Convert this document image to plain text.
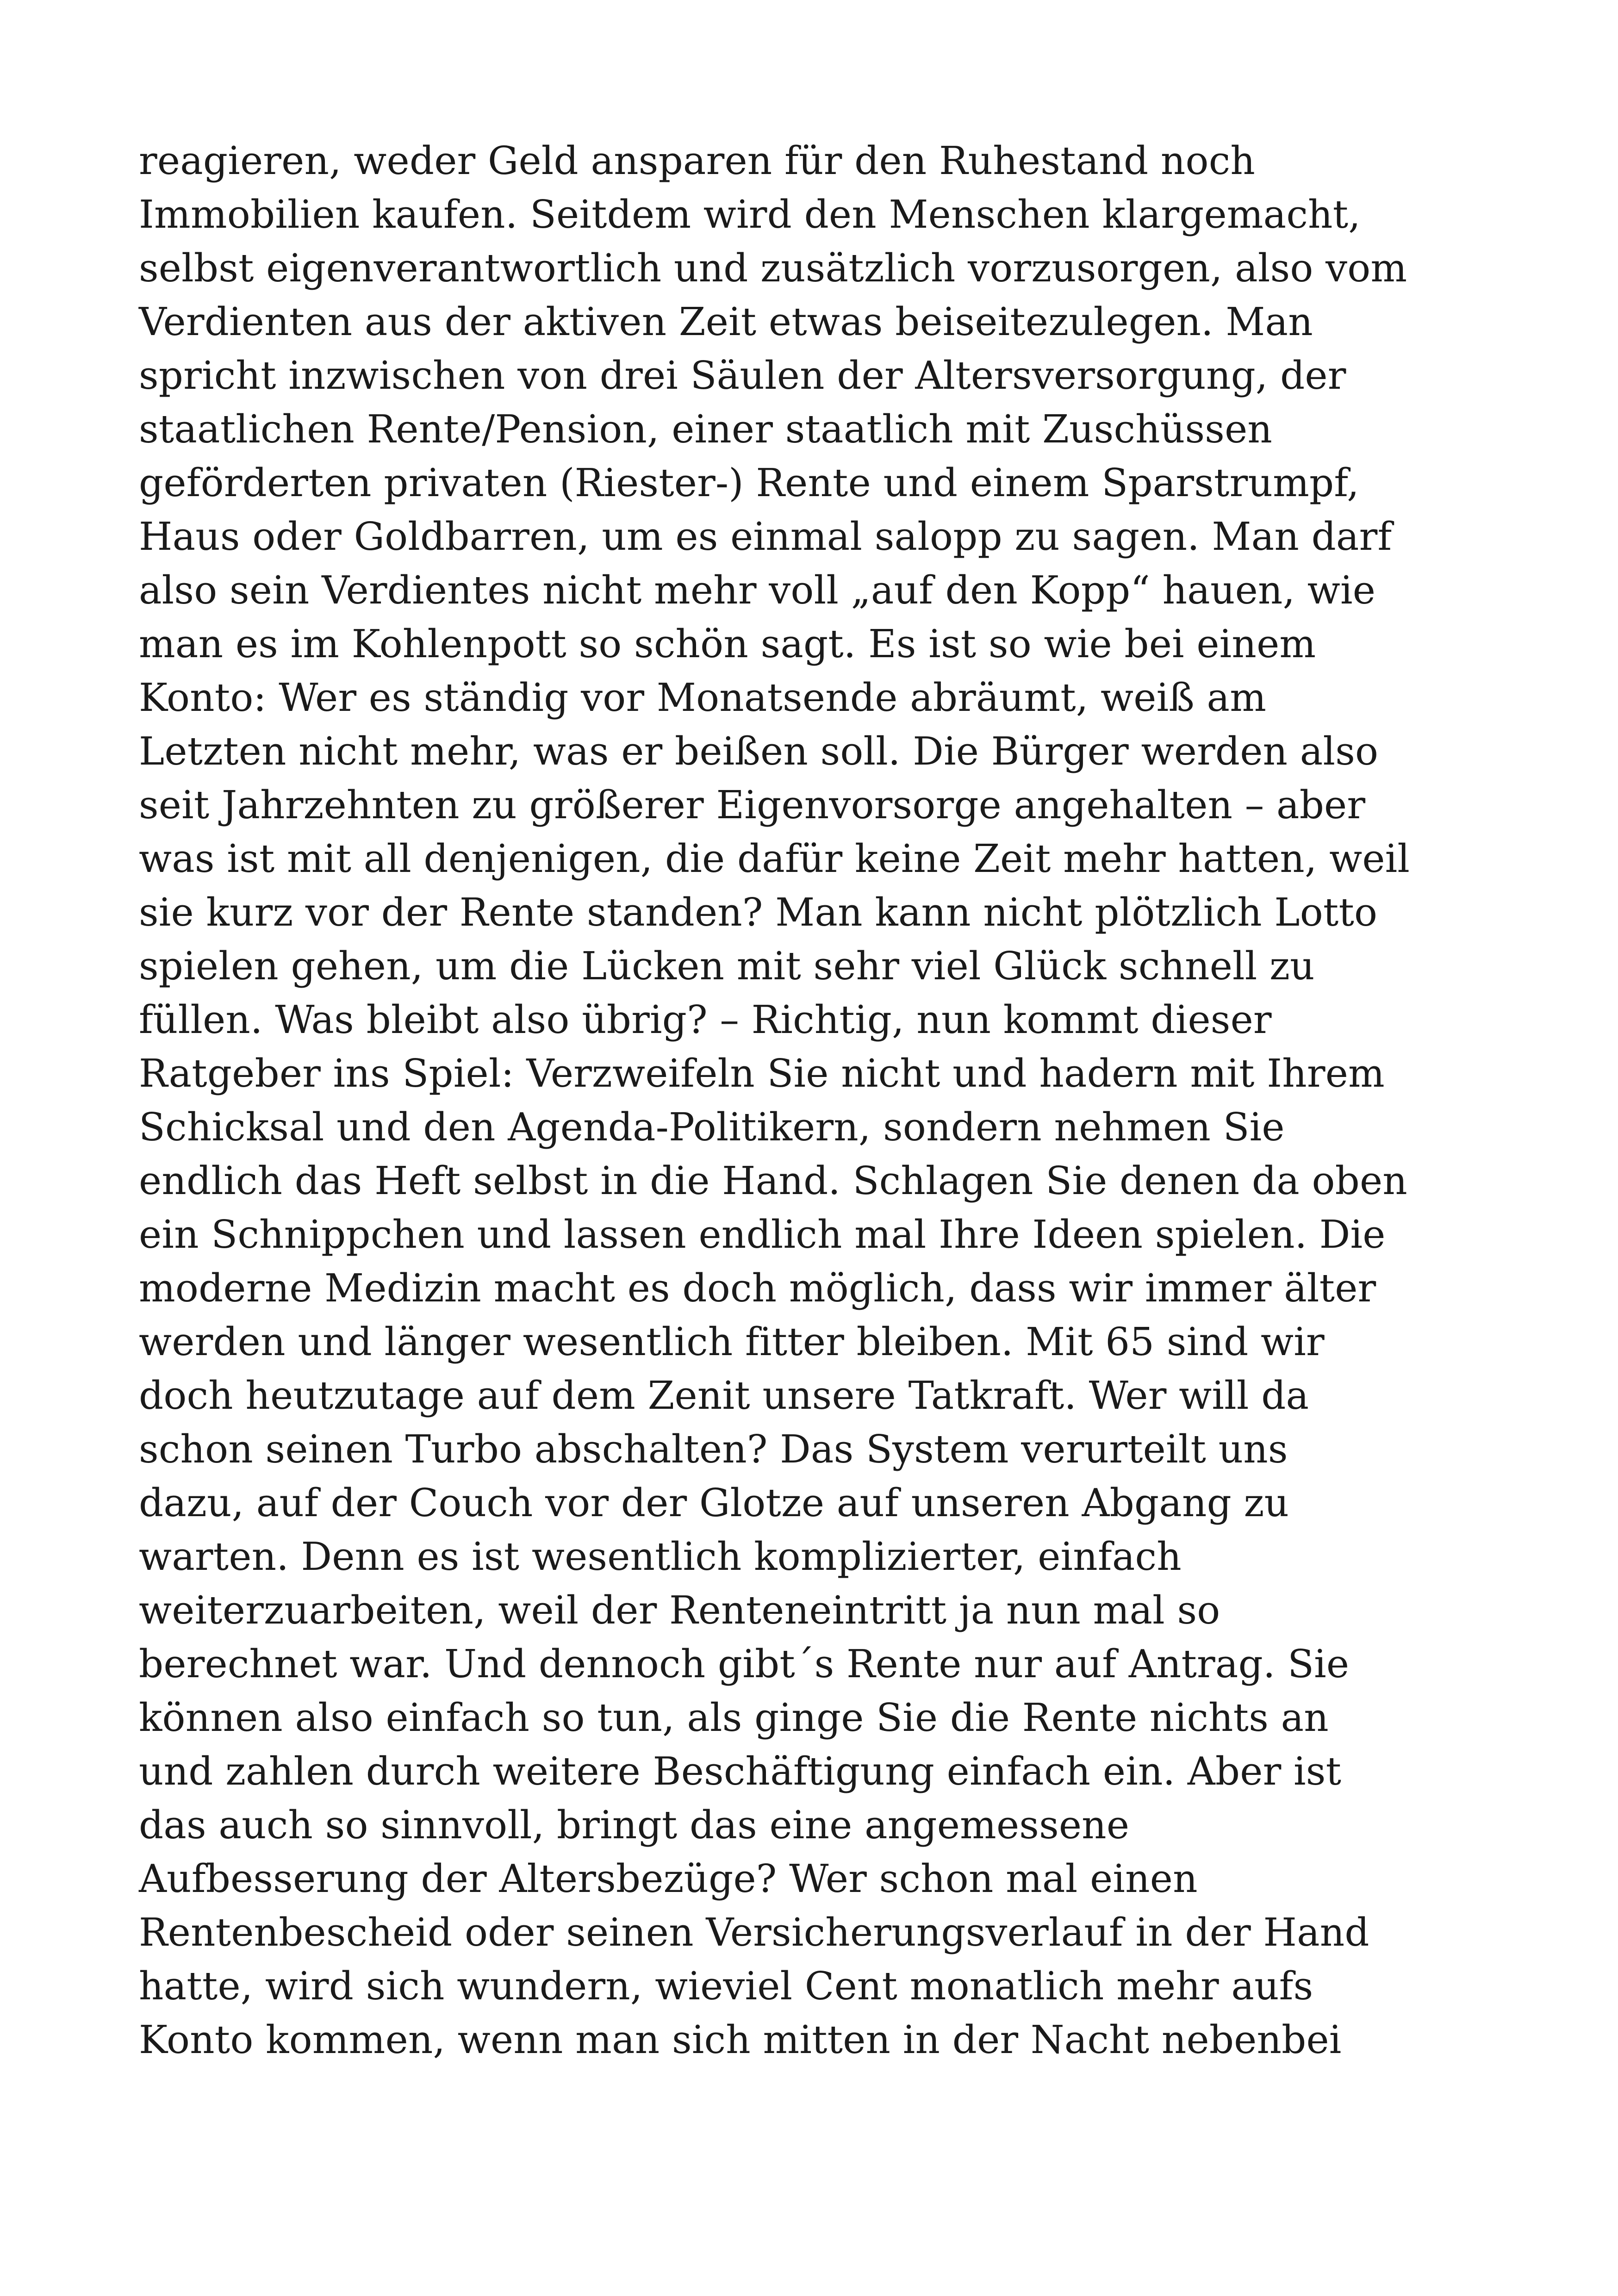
reagieren, weder Geld ansparen für den Ruhestand noch
Immobilien kaufen. Seitdem wird den Menschen klargemacht,
selbst eigenverantwortlich und zusätzlich vorzusorgen, also vom
Verdienten aus der aktiven Zeit etwas beiseitezulegen. Man
spricht inzwischen von drei Säulen der Altersversorgung, der
staatlichen Rente/Pension, einer staatlich mit Zuschüssen
geförderten privaten (Riester-) Rente und einem Sparstrumpf,
Haus oder Goldbarren, um es einmal salopp zu sagen. Man darf
also sein Verdientes nicht mehr voll „auf den Kopp“ hauen, wie
man es im Kohlenpott so schön sagt. Es ist so wie bei einem
Konto: Wer es ständig vor Monatsende abräumt, weiß am
Letzten nicht mehr, was er beißen soll. Die Bürger werden also
seit Jahrzehnten zu größerer Eigenvorsorge angehalten – aber
was ist mit all denjenigen, die dafür keine Zeit mehr hatten, weil
sie kurz vor der Rente standen? Man kann nicht plötzlich Lotto
spielen gehen, um die Lücken mit sehr viel Glück schnell zu
füllen. Was bleibt also übrig? – Richtig, nun kommt dieser
Ratgeber ins Spiel: Verzweifeln Sie nicht und hadern mit Ihrem
Schicksal und den Agenda-Politikern, sondern nehmen Sie
endlich das Heft selbst in die Hand. Schlagen Sie denen da oben
ein Schnippchen und lassen endlich mal Ihre Ideen spielen. Die
moderne Medizin macht es doch möglich, dass wir immer älter
werden und länger wesentlich fitter bleiben. Mit 65 sind wir
doch heutzutage auf dem Zenit unsere Tatkraft. Wer will da
schon seinen Turbo abschalten? Das System verurteilt uns
dazu, auf der Couch vor der Glotze auf unseren Abgang zu
warten. Denn es ist wesentlich komplizierter, einfach
weiterzuarbeiten, weil der Renteneintritt ja nun mal so
berechnet war. Und dennoch gibt´s Rente nur auf Antrag. Sie
können also einfach so tun, als ginge Sie die Rente nichts an
und zahlen durch weitere Beschäftigung einfach ein. Aber ist
das auch so sinnvoll, bringt das eine angemessene
Aufbesserung der Altersbezüge? Wer schon mal einen
Rentenbescheid oder seinen Versicherungsverlauf in der Hand
hatte, wird sich wundern, wieviel Cent monatlich mehr aufs
Konto kommen, wenn man sich mitten in der Nacht nebenbei
